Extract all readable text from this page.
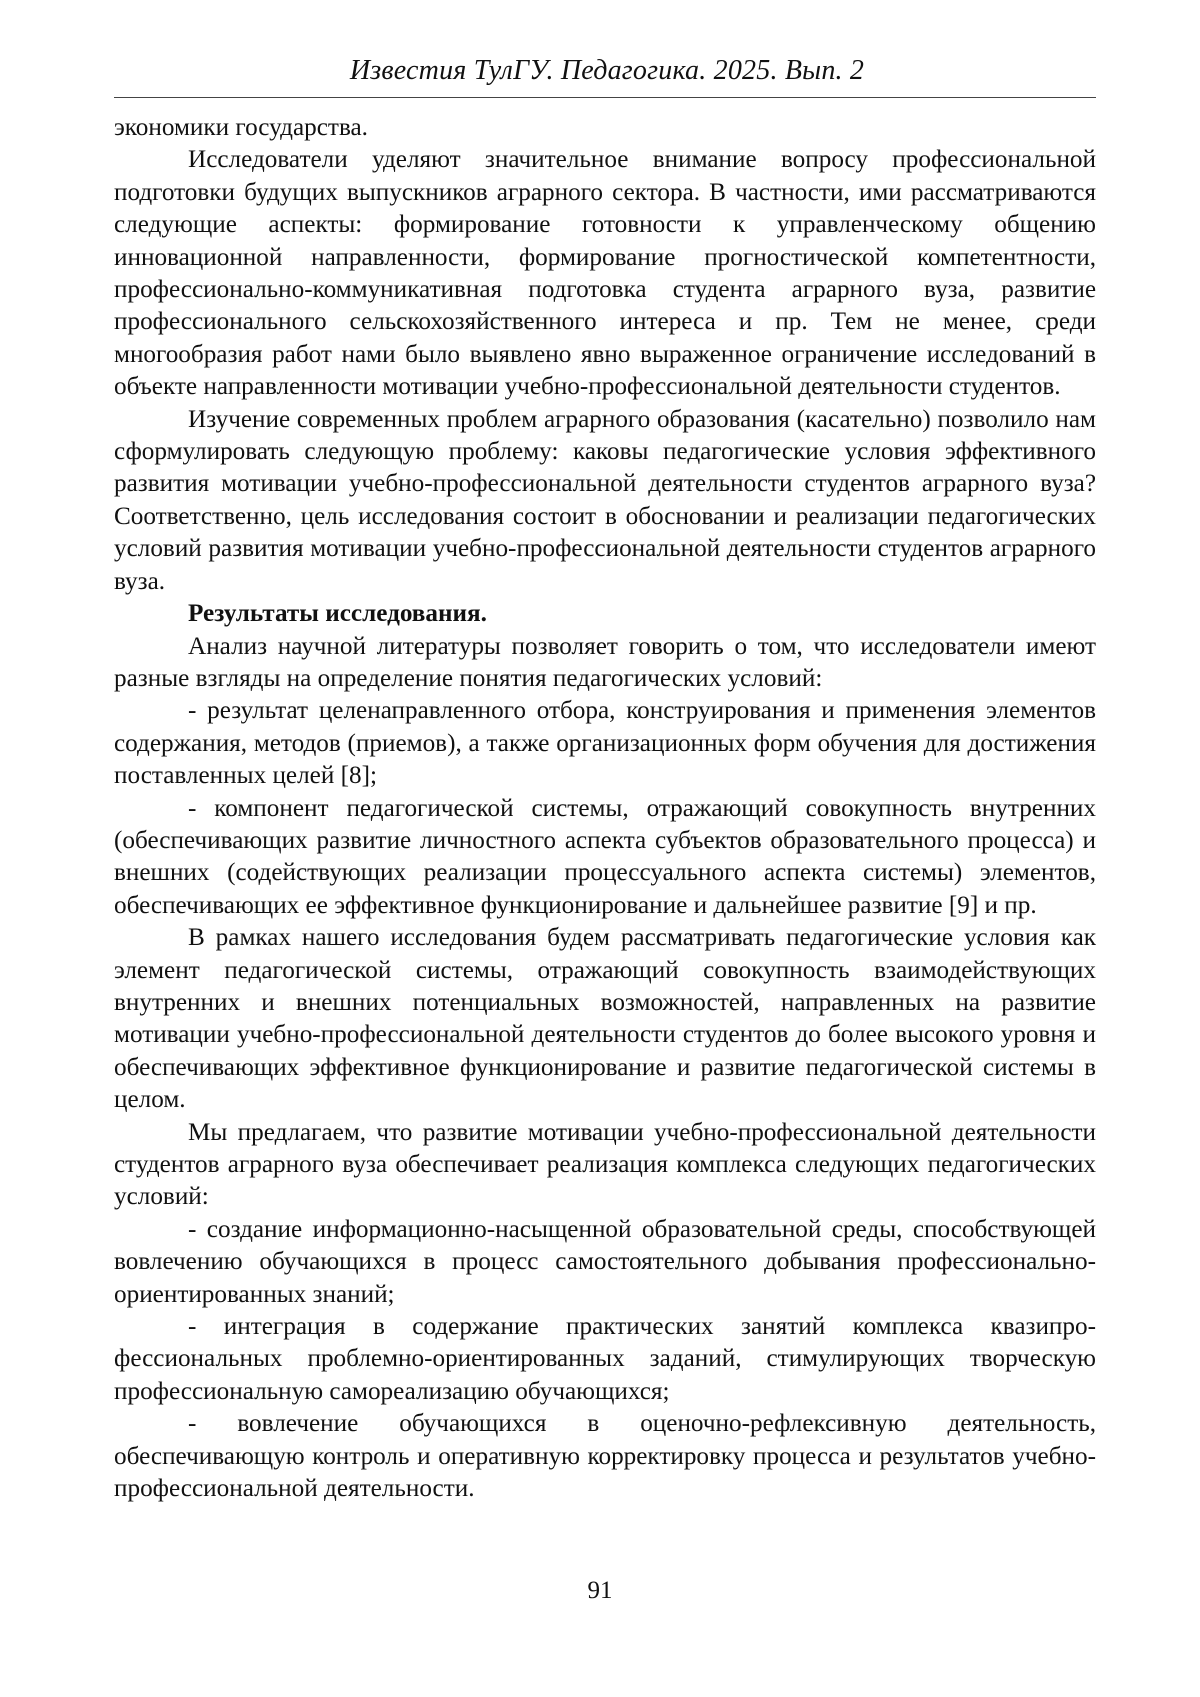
Известия ТулГУ. Педагогика. 2025. Вып. 2

экономики государства.

Исследователи уделяют значительное внимание вопросу профессиональной подготовки будущих выпускников аграрного сектора. В частности, ими рассматриваются следующие аспекты: формирование готовности к управленческому общению инновационной направленности, формирование прогностической компетентности, профессионально-коммуникативная подготовка студента аграрного вуза, развитие профессионального сельскохозяйственного интереса и пр. Тем не менее, среди многообразия работ нами было выявлено явно выраженное ограничение исследований в объекте направленности мотивации учебно-профессиональной деятельности студентов.

Изучение современных проблем аграрного образования (касательно) позволило нам сформулировать следующую проблему: каковы педагогические условия эффективного развития мотивации учебно-профессиональной деятельности студентов аграрного вуза? Соответственно, цель исследования состоит в обосновании и реализации педагогических условий развития мотивации учебно-профессиональной деятельности студентов аграрного вуза.

Результаты исследования.

Анализ научной литературы позволяет говорить о том, что исследователи имеют разные взгляды на определение понятия педагогических условий:

- результат целенаправленного отбора, конструирования и применения элементов содержания, методов (приемов), а также организационных форм обучения для достижения поставленных целей [8];

- компонент педагогической системы, отражающий совокупность внутренних (обеспечивающих развитие личностного аспекта субъектов образовательного процесса) и внешних (содействующих реализации процессуального аспекта системы) элементов, обеспечивающих ее эффективное функционирование и дальнейшее развитие [9] и пр.

В рамках нашего исследования будем рассматривать педагогические условия как элемент педагогической системы, отражающий совокупность взаимодействующих внутренних и внешних потенциальных возможностей, направленных на развитие мотивации учебно-профессиональной деятельности студентов до более высокого уровня и обеспечивающих эффективное функционирование и развитие педагогической системы в целом.

Мы предлагаем, что развитие мотивации учебно-профессиональной деятельности студентов аграрного вуза обеспечивает реализация комплекса следующих педагогических условий:

- создание информационно-насыщенной образовательной среды, способствующей вовлечению обучающихся в процесс самостоятельного добывания профессионально-ориентированных знаний;

- интеграция в содержание практических занятий комплекса квазипрофессиональных проблемно-ориентированных заданий, стимулирующих творческую профессиональную самореализацию обучающихся;

- вовлечение обучающихся в оценочно-рефлексивную деятельность, обеспечивающую контроль и оперативную корректировку процесса и результатов учебно-профессиональной деятельности.

91
